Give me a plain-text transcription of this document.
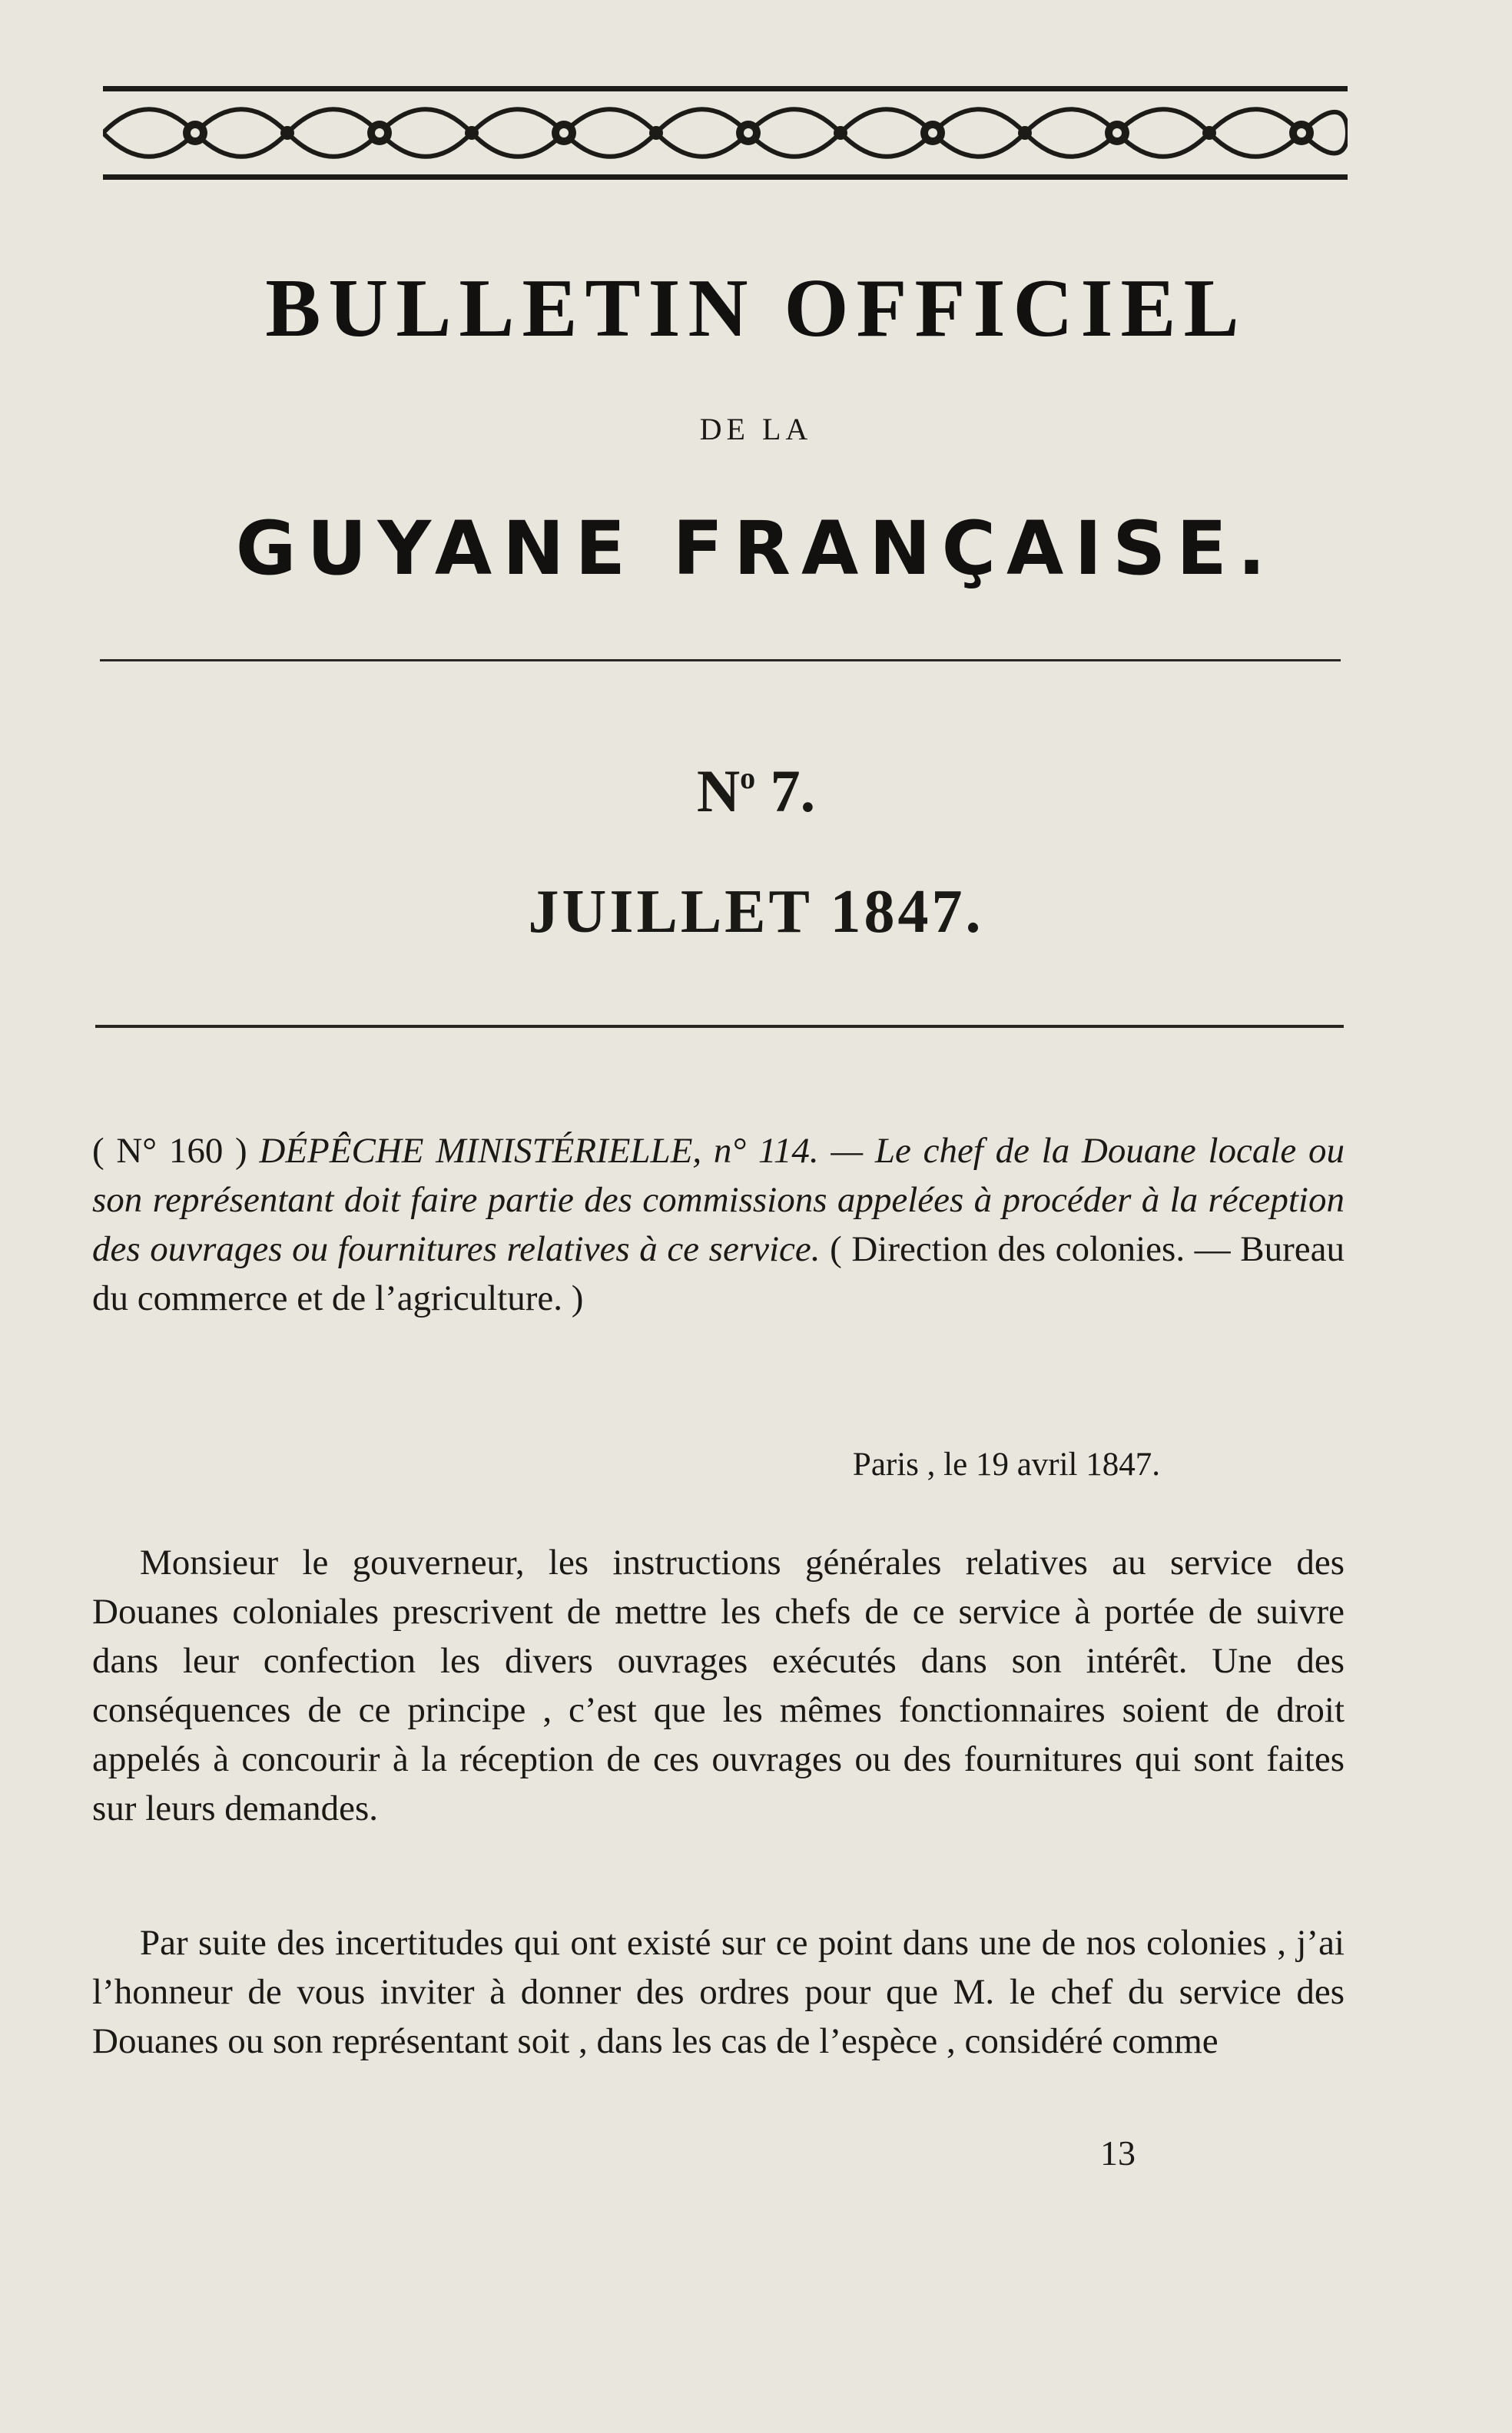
BULLETIN OFFICIEL
DE LA
GUYANE FRANÇAISE.
$N^o$ 7.
JUILLET 1847.
( N° 160 ) DÉPÊCHE MINISTÉRIELLE, n° 114. — Le chef de la Douane locale ou son représentant doit faire partie des commissions appelées à procéder à la réception des ouvrages ou fournitures relatives à ce service. ( Direction des colonies. — Bureau du commerce et de l’agriculture. )
Paris , le 19 avril 1847.
Monsieur le gouverneur, les instructions générales relatives au service des Douanes coloniales prescrivent de mettre les chefs de ce service à portée de suivre dans leur confection les divers ouvrages exécutés dans son intérêt. Une des conséquences de ce principe , c’est que les mêmes fonctionnaires soient de droit appelés à concourir à la réception de ces ouvrages ou des fournitures qui sont faites sur leurs demandes.
Par suite des incertitudes qui ont existé sur ce point dans une de nos colonies , j’ai l’honneur de vous inviter à donner des ordres pour que M. le chef du service des Douanes ou son représentant soit , dans les cas de l’espèce , considéré comme
13
